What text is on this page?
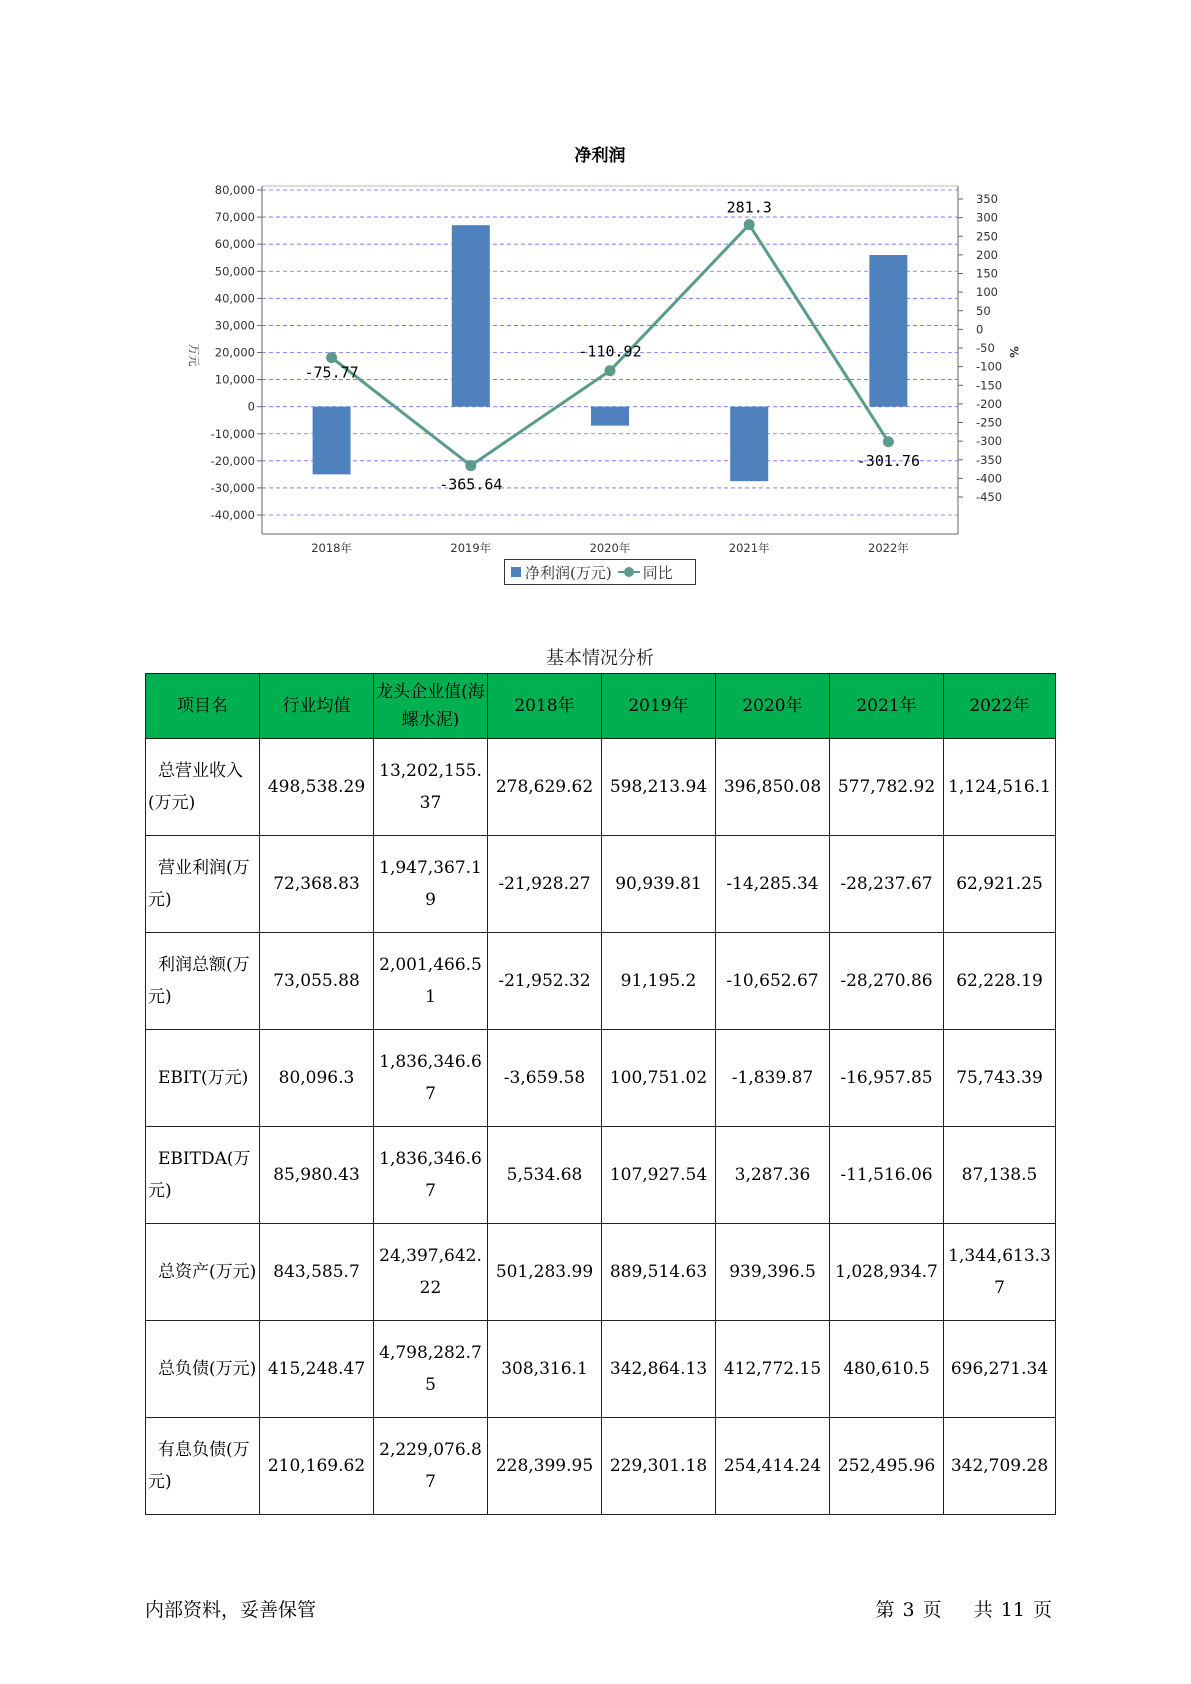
净利润
80,000
70,000
60,000
50,000
40,000
30,000
20,000
10,000
0
-10,000
-20,000
-30,000
-40,000
350
300
250
200
150
100
50
0
-50
-100
-150
-200
-250
-300
-350
-400
-450
万元	%
2018年	2019年	2020年	2021年	2022年
-75.77
-365.64
-110.92
281.3
-301.76
净利润(万元) 同比
基本情况分析
项目名	行业均值	龙头企业值(海螺水泥)	2018年	2019年	2020年	2021年	2022年
总营业收入(万元)	498,538.29	13,202,155.37	278,629.62	598,213.94	396,850.08	577,782.92	1,124,516.1
营业利润(万元)	72,368.83	1,947,367.19	-21,928.27	90,939.81	-14,285.34	-28,237.67	62,921.25
利润总额(万元)	73,055.88	2,001,466.51	-21,952.32	91,195.2	-10,652.67	-28,270.86	62,228.19
EBIT(万元)	80,096.3	1,836,346.67	-3,659.58	100,751.02	-1,839.87	-16,957.85	75,743.39
EBITDA(万元)	85,980.43	1,836,346.67	5,534.68	107,927.54	3,287.36	-11,516.06	87,138.5
总资产(万元)	843,585.7	24,397,642.22	501,283.99	889,514.63	939,396.5	1,028,934.7	1,344,613.37
总负债(万元)	415,248.47	4,798,282.75	308,316.1	342,864.13	412,772.15	480,610.5	696,271.34
有息负债(万元)	210,169.62	2,229,076.87	228,399.95	229,301.18	254,414.24	252,495.96	342,709.28
内部资料，妥善保管	第 3 页 共 11 页
